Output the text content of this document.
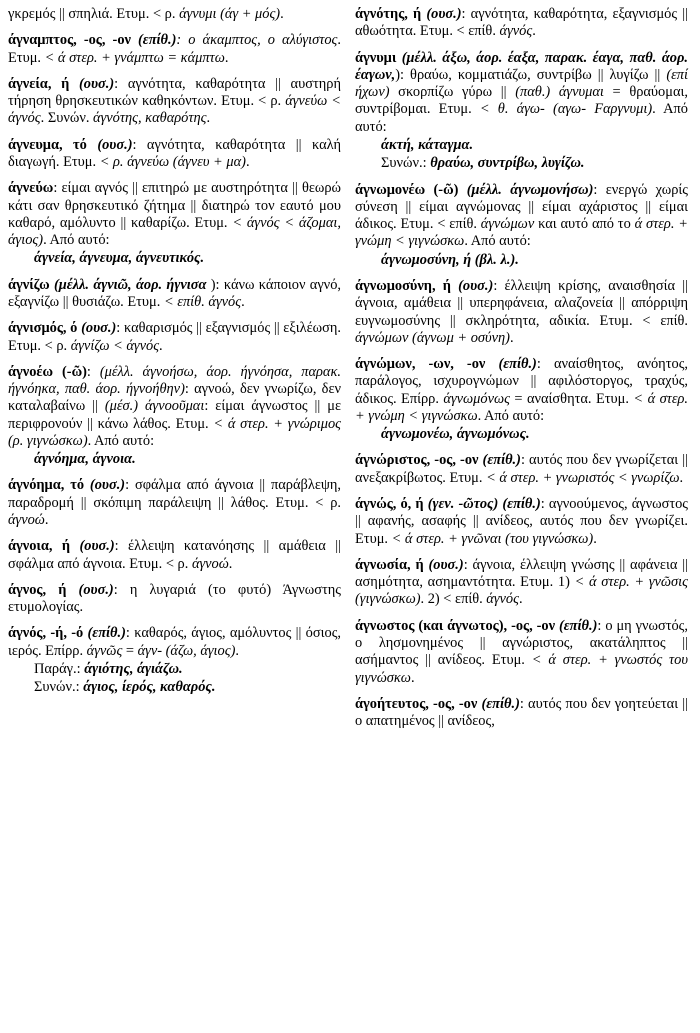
γκρεμός || σπηλιά. Ετυμ. < ρ. άγνυμι (άγ + μός).

άγναμπτος, -ος, -ον (επίθ.): ο άκαμπτος, ο αλύγιστος. Ετυμ. < ά στερ. + γνάμπτω = κάμπτω.

άγνεία, ή (ουσ.): αγνότητα, καθαρότητα || αυστηρή τήρηση θρησκευτικών καθηκόντων. Ετυμ. < ρ. άγνεύω < άγνός. Συνών. άγνότης, καθαρότης.

άγνευμα, τό (ουσ.): αγνότητα, καθαρότητα || καλή διαγωγή. Ετυμ. < ρ. άγνεύω (άγνευ + μα).

άγνεύω: είμαι αγνός || επιτηρώ με αυστηρότητα || θεωρώ κάτι σαν θρησκευτικό ζήτημα || διατηρώ τον εαυτό μου καθαρό, αμόλυντο || καθαρίζω. Ετυμ. < άγνός < άζομαι, άγιος). Από αυτό:

άγνεία, άγνευμα, άγνευτικός.

άγνίζω (μέλλ. άγνιῶ, άορ. ήγνισα ): κάνω κάποιον αγνό, εξαγνίζω || θυσιάζω. Ετυμ. < επίθ. άγνός.

άγνισμός, ό (ουσ.): καθαρισμός || εξαγνισμός || εξιλέωση. Ετυμ. < ρ. άγνίζω < άγνός.

άγνοέω (-ῶ): (μέλλ. άγνοήσω, άορ. ήγνόησα, παρακ. ήγνόηκα, παθ. άορ. ήγνοήθην): αγνοώ, δεν γνωρίζω, δεν καταλαβαίνω || (μέσ.) άγνοοῦμαι: είμαι άγνωστος || με περιφρονούν || κάνω λάθος. Ετυμ. < ά στερ. + γνώριμος (ρ. γιγνώσκω). Από αυτό:

άγνόημα, άγνοια.

άγνόημα, τό (ουσ.): σφάλμα από άγνοια || παράβλεψη, παραδρομή || σκόπιμη παράλειψη || λάθος. Ετυμ. < ρ. άγνοώ.

άγνοια, ή (ουσ.): έλλειψη κατανόησης || αμάθεια || σφάλμα από άγνοια. Ετυμ. < ρ. άγνοώ.

άγνος, ή (ουσ.): η λυγαριά (το φυτό) Άγνωστης ετυμολογίας.

άγνός, -ή, -ό (επίθ.): καθαρός, άγιος, αμόλυντος || όσιος, ιερός. Επίρρ. άγνῶς = άγν- (άζω, άγιος).

Παράγ.: άγιότης, άγιάζω.

Συνών.: άγιος, ίερός, καθαρός.

άγνότης, ή (ουσ.): αγνότητα, καθαρότητα, εξαγνισμός || αθωότητα. Ετυμ. < επίθ. άγνός.

άγνυμι (μέλλ. άξω, άορ. έαξα, παρακ. έαγα, παθ. άορ. έαγων,): θραύω, κομματιάζω, συντρίβω || λυγίζω || (επί ήχων) σκορπίζω γύρω || (παθ.) άγνυμαι = θραύομαι, συντρίβομαι. Ετυμ. < θ. άγω- (αγω- Fαργνυμι). Από αυτό:

άκτή, κάταγμα.

Συνών.: θραύω, συντρίβω, λυγίζω.

άγνωμονέω (-ῶ) (μέλλ. άγνωμονήσω): ενεργώ χωρίς σύνεση || είμαι αγνώμονας || είμαι αχάριστος || είμαι άδικος. Ετυμ. < επίθ. άγνώμων και αυτό από το ά στερ. + γνώμη < γιγνώσκω. Από αυτό:

άγνωμοσύνη, ή (βλ. λ.).

άγνωμοσύνη, ή (ουσ.): έλλειψη κρίσης, αναισθησία || άγνοια, αμάθεια || υπερηφάνεια, αλαζονεία || απόρριψη ευγνωμοσύνης || σκληρότητα, αδικία. Ετυμ. < επίθ. άγνώμων (άγνωμ + οσύνη).

άγνώμων, -ων, -ον (επίθ.): αναίσθητος, ανόητος, παράλογος, ισχυρογνώμων || αφιλόστοργος, τραχύς, άδικος. Επίρρ. άγνωμόνως = αναίσθητα. Ετυμ. < ά στερ. + γνώμη < γιγνώσκω. Από αυτό:

άγνωμονέω, άγνωμόνως.

άγνώριστος, -ος, -ον (επίθ.): αυτός που δεν γνωρίζεται || ανεξακρίβωτος. Ετυμ. < ά στερ. + γνωριστός < γνωρίζω.

άγνώς, ό, ή (γεν. -ῶτος) (επίθ.): αγνοούμενος, άγνωστος || αφανής, ασαφής || ανίδεος, αυτός που δεν γνωρίζει. Ετυμ. < ά στερ. + γνῶναι (του γιγνώσκω).

άγνωσία, ή (ουσ.): άγνοια, έλλειψη γνώσης || αφάνεια || ασημότητα, ασημαντότητα. Ετυμ. 1) < ά στερ. + γνῶσις (γιγνώσκω). 2) < επίθ. άγνός.

άγνωστος (και άγνωτος), -ος, -ον (επίθ.): ο μη γνωστός, ο λησμονημένος || αγνώριστος, ακατάληπτος || ασήμαντος || ανίδεος. Ετυμ. < ά στερ. + γνωστός του γιγνώσκω.

άγοήτευτος, -ος, -ον (επίθ.): αυτός που δεν γοητεύεται || ο απατημένος || ανίδεος,
